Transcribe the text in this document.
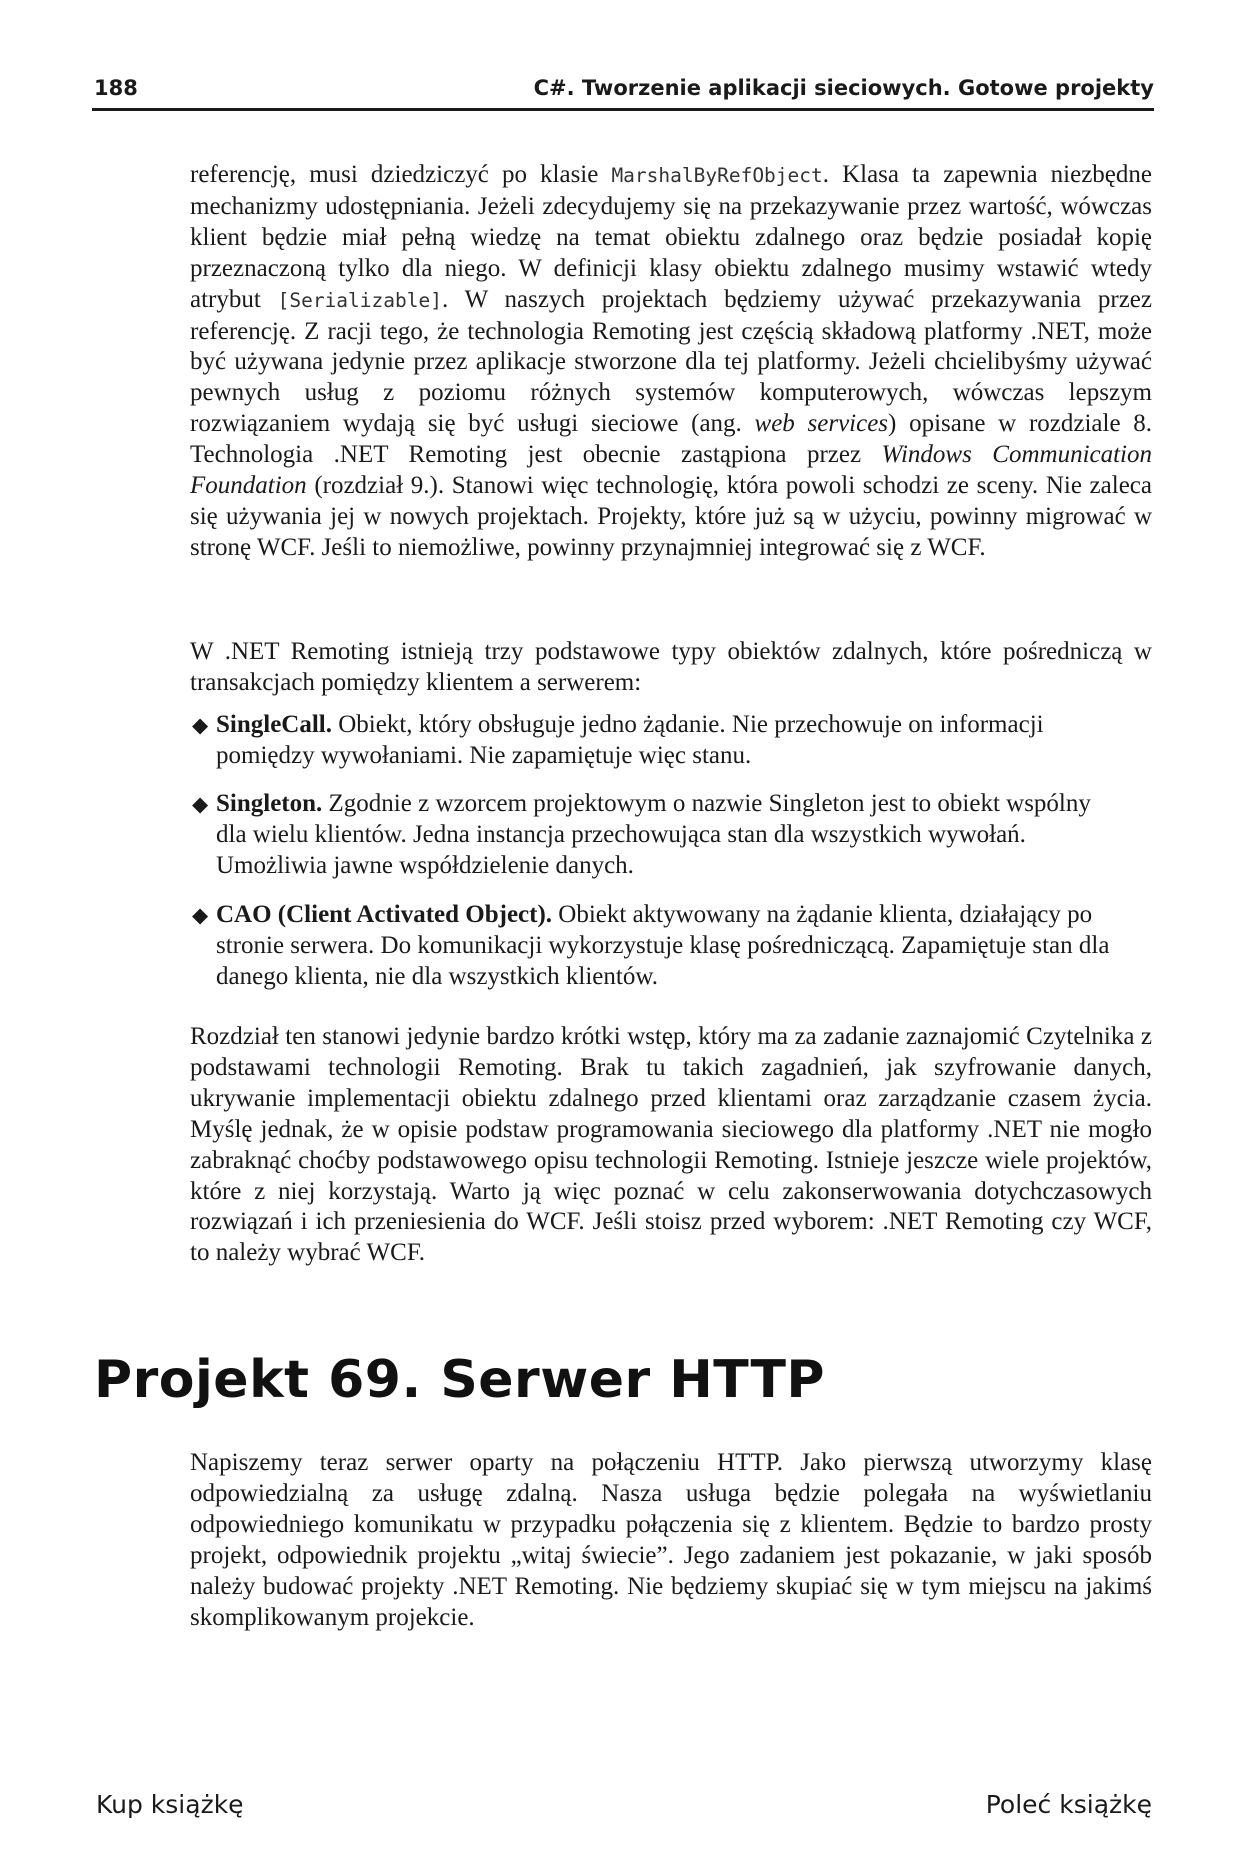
188	C#. Tworzenie aplikacji sieciowych. Gotowe projekty

referencję, musi dziedziczyć po klasie MarshalByRefObject. Klasa ta zapewnia niezbędne mechanizmy udostępniania. Jeżeli zdecydujemy się na przekazywanie przez wartość, wówczas klient będzie miał pełną wiedzę na temat obiektu zdalnego oraz będzie posiadał kopię przeznaczoną tylko dla niego. W definicji klasy obiektu zdalnego musimy wstawić wtedy atrybut [Serializable]. W naszych projektach będziemy używać przekazywania przez referencję. Z racji tego, że technologia Remoting jest częścią składową platformy .NET, może być używana jedynie przez aplikacje stworzone dla tej platformy. Jeżeli chcielibyśmy używać pewnych usług z poziomu różnych systemów komputerowych, wówczas lepszym rozwiązaniem wydają się być usługi sieciowe (ang. web services) opisane w rozdziale 8. Technologia .NET Remoting jest obecnie zastąpiona przez Windows Communication Foundation (rozdział 9.). Stanowi więc technologię, która powoli schodzi ze sceny. Nie zaleca się używania jej w nowych projektach. Projekty, które już są w użyciu, powinny migrować w stronę WCF. Jeśli to niemożliwe, powinny przynajmniej integrować się z WCF.

W .NET Remoting istnieją trzy podstawowe typy obiektów zdalnych, które pośredniczą w transakcjach pomiędzy klientem a serwerem:

◆ SingleCall. Obiekt, który obsługuje jedno żądanie. Nie przechowuje on informacji pomiędzy wywołaniami. Nie zapamiętuje więc stanu.
◆ Singleton. Zgodnie z wzorcem projektowym o nazwie Singleton jest to obiekt wspólny dla wielu klientów. Jedna instancja przechowująca stan dla wszystkich wywołań. Umożliwia jawne współdzielenie danych.
◆ CAO (Client Activated Object). Obiekt aktywowany na żądanie klienta, działający po stronie serwera. Do komunikacji wykorzystuje klasę pośredniczącą. Zapamiętuje stan dla danego klienta, nie dla wszystkich klientów.

Rozdział ten stanowi jedynie bardzo krótki wstęp, który ma za zadanie zaznajomić Czytelnika z podstawami technologii Remoting. Brak tu takich zagadnień, jak szyfrowanie danych, ukrywanie implementacji obiektu zdalnego przed klientami oraz zarządzanie czasem życia. Myślę jednak, że w opisie podstaw programowania sieciowego dla platformy .NET nie mogło zabraknąć choćby podstawowego opisu technologii Remoting. Istnieje jeszcze wiele projektów, które z niej korzystają. Warto ją więc poznać w celu zakonserwowania dotychczasowych rozwiązań i ich przeniesienia do WCF. Jeśli stoisz przed wyborem: .NET Remoting czy WCF, to należy wybrać WCF.

Projekt 69. Serwer HTTP

Napiszemy teraz serwer oparty na połączeniu HTTP. Jako pierwszą utworzymy klasę odpowiedzialną za usługę zdalną. Nasza usługa będzie polegała na wyświetlaniu odpowiedniego komunikatu w przypadku połączenia się z klientem. Będzie to bardzo prosty projekt, odpowiednik projektu „witaj świecie”. Jego zadaniem jest pokazanie, w jaki sposób należy budować projekty .NET Remoting. Nie będziemy skupiać się w tym miejscu na jakimś skomplikowanym projekcie.

Kup książkę	Poleć książkę
